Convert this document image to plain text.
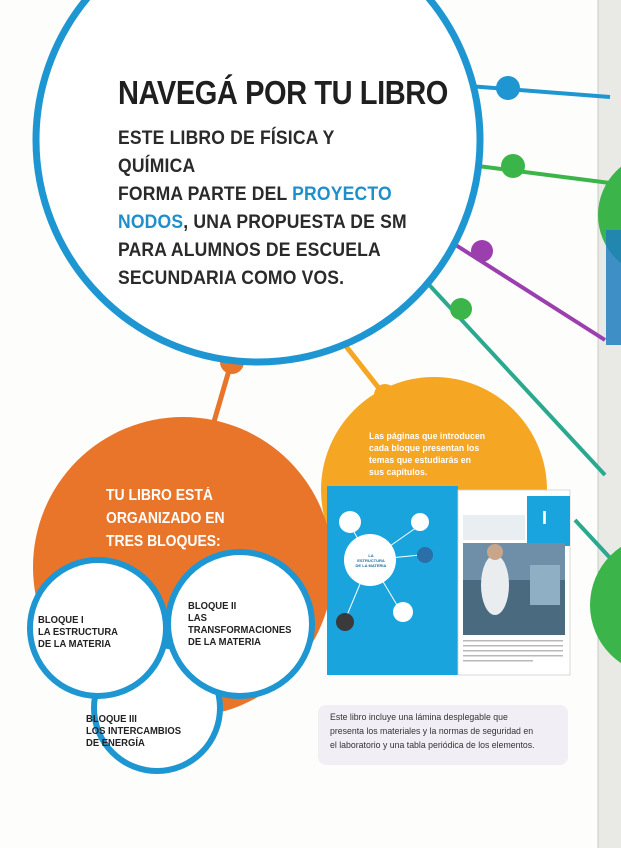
LA ESTRUCTURA DE LA MATERIA
I
NAVEGÁ POR TU LIBRO
ESTE LIBRO DE FÍSICA Y QUÍMICA
FORMA PARTE DEL PROYECTO
NODOS, UNA PROPUESTA DE SM
PARA ALUMNOS DE ESCUELA
SECUNDARIA COMO VOS.
TU LIBRO ESTÁ
ORGANIZADO EN
TRES BLOQUES:
BLOQUE I
LA ESTRUCTURA
DE LA MATERIA
BLOQUE II
LAS
TRANSFORMACIONES
DE LA MATERIA
BLOQUE III
LOS INTERCAMBIOS
DE ENERGÍA
Las páginas que introducen
cada bloque presentan los
temas que estudiarás en
sus capítulos.
Este libro incluye una lámina desplegable que
presenta los materiales y la normas de seguridad en
el laboratorio y una tabla periódica de los elementos.
